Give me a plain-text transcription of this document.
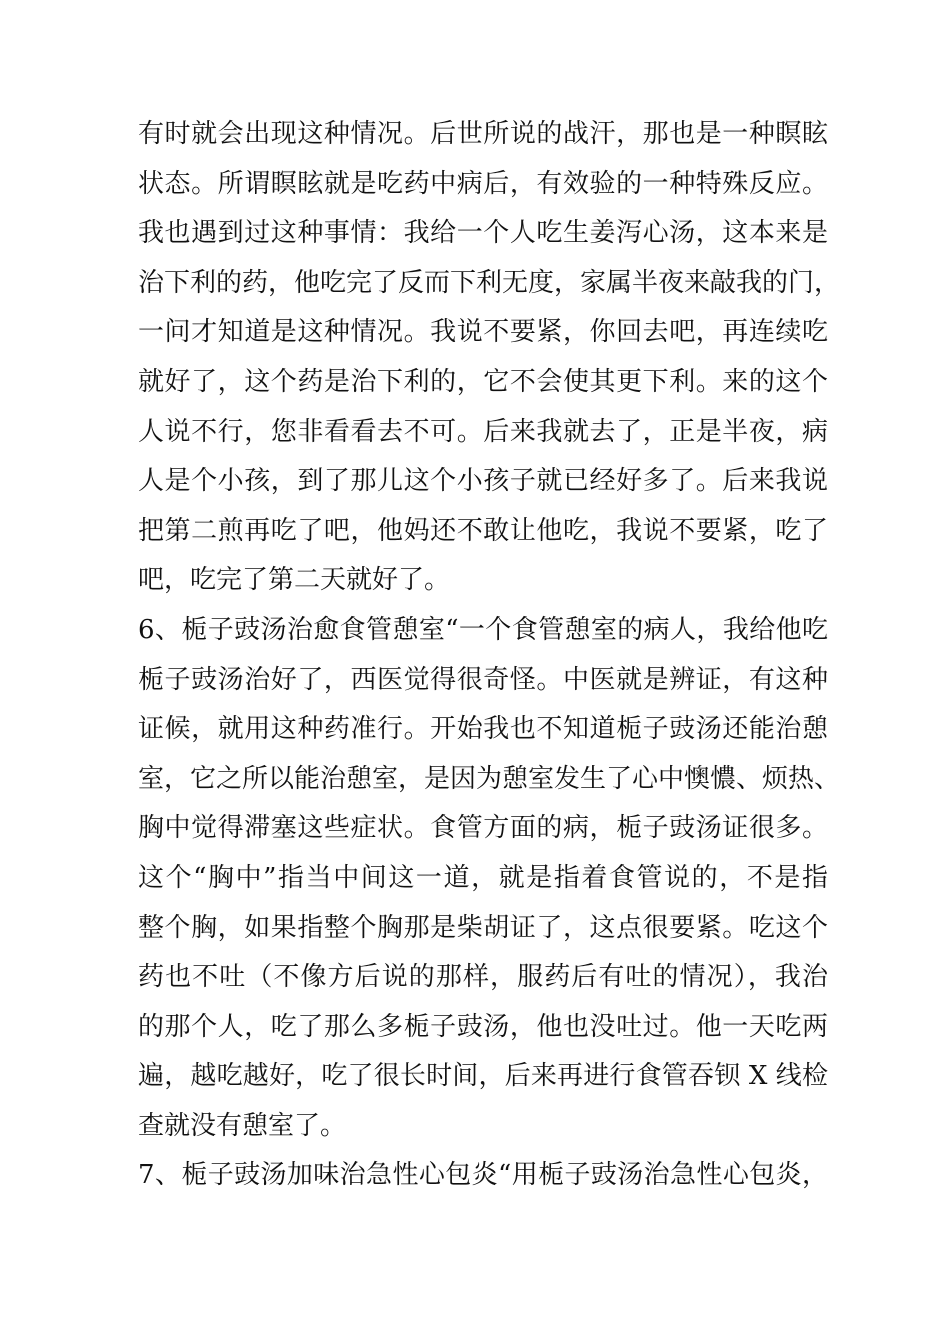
有时就会出现这种情况。后世所说的战汗，那也是一种瞑眩
状态。所谓瞑眩就是吃药中病后，有效验的一种特殊反应。
我也遇到过这种事情：我给一个人吃生姜泻心汤，这本来是
治下利的药，他吃完了反而下利无度，家属半夜来敲我的门，
一问才知道是这种情况。我说不要紧，你回去吧，再连续吃
就好了，这个药是治下利的，它不会使其更下利。来的这个
人说不行，您非看看去不可。后来我就去了，正是半夜，病
人是个小孩，到了那儿这个小孩子就已经好多了。后来我说
把第二煎再吃了吧，他妈还不敢让他吃，我说不要紧，吃了
吧，吃完了第二天就好了。
6、栀子豉汤治愈食管憩室“一个食管憩室的病人，我给他吃
栀子豉汤治好了，西医觉得很奇怪。中医就是辨证，有这种
证候，就用这种药准行。开始我也不知道栀子豉汤还能治憩
室，它之所以能治憩室，是因为憩室发生了心中懊憹、烦热、
胸中觉得滞塞这些症状。食管方面的病，栀子豉汤证很多。
这个“胸中”指当中间这一道，就是指着食管说的，不是指
整个胸，如果指整个胸那是柴胡证了，这点很要紧。吃这个
药也不吐（不像方后说的那样，服药后有吐的情况），我治
的那个人，吃了那么多栀子豉汤，他也没吐过。他一天吃两
遍，越吃越好，吃了很长时间，后来再进行食管吞钡 X 线检
查就没有憩室了。
7、栀子豉汤加味治急性心包炎“用栀子豉汤治急性心包炎，
